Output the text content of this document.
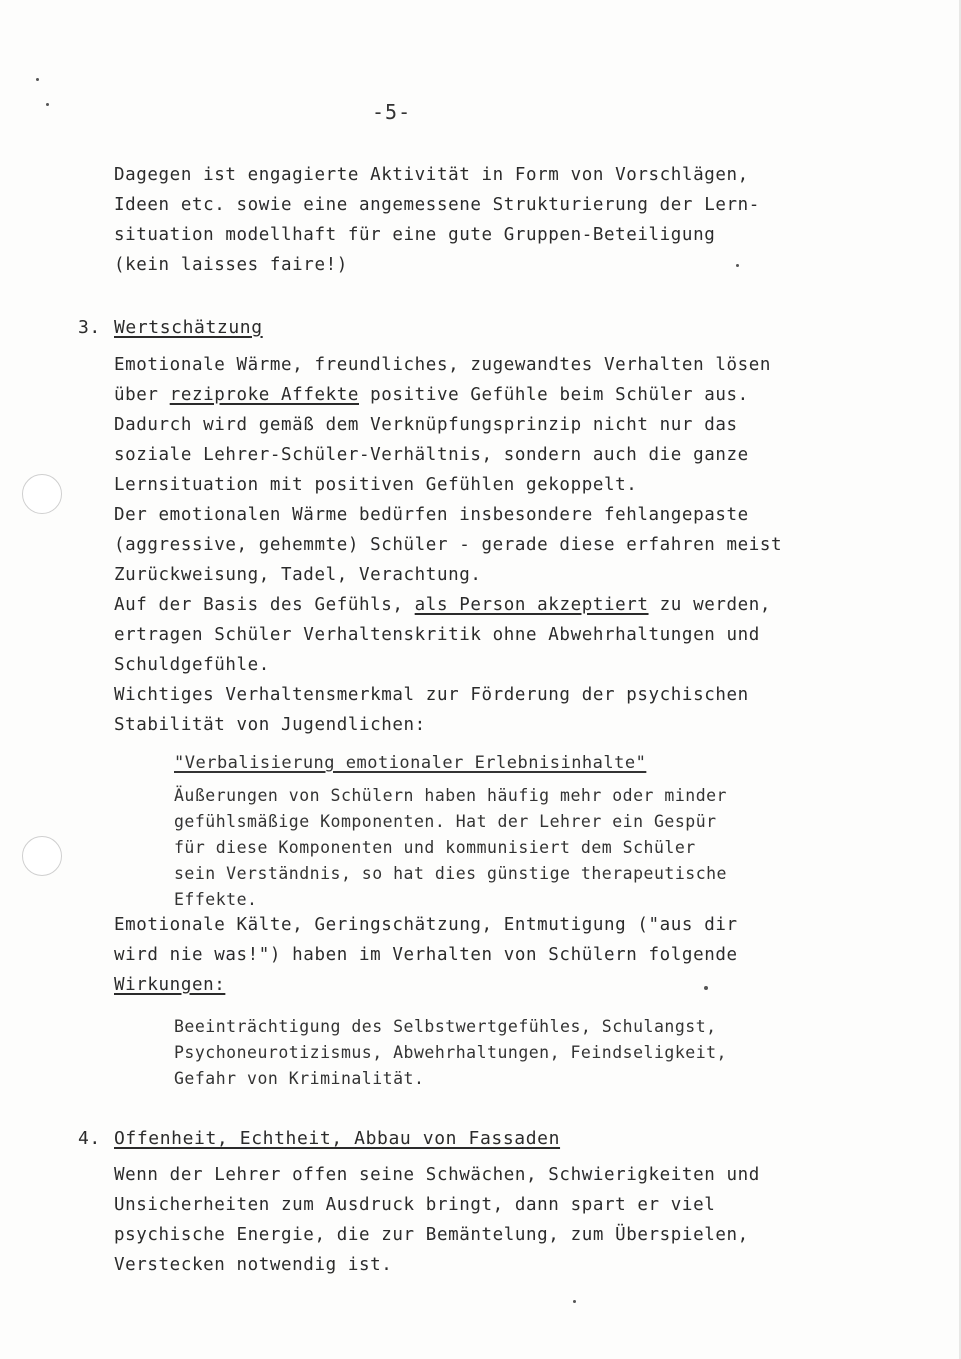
-5-
Dagegen ist engagierte Aktivität in Form von Vorschlägen,
Ideen etc. sowie eine angemessene Strukturierung der Lern-
situation modellhaft für eine gute Gruppen-Beteiligung
(kein laisses faire!)
3. Wertschätzung
Emotionale Wärme, freundliches, zugewandtes Verhalten lösen
über reziproke Affekte positive Gefühle beim Schüler aus.
Dadurch wird gemäß dem Verknüpfungsprinzip nicht nur das
soziale Lehrer-Schüler-Verhältnis, sondern auch die ganze
Lernsituation mit positiven Gefühlen gekoppelt.
Der emotionalen Wärme bedürfen insbesondere fehlangepaste
(aggressive, gehemmte) Schüler - gerade diese erfahren meist
Zurückweisung, Tadel, Verachtung.
Auf der Basis des Gefühls, als Person akzeptiert zu werden,
ertragen Schüler Verhaltenskritik ohne Abwehrhaltungen und
Schuldgefühle.
Wichtiges Verhaltensmerkmal zur Förderung der psychischen
Stabilität von Jugendlichen:
"Verbalisierung emotionaler Erlebnisinhalte"
Äußerungen von Schülern haben häufig mehr oder minder
gefühlsmäßige Komponenten. Hat der Lehrer ein Gespür
für diese Komponenten und kommunisiert dem Schüler
sein Verständnis, so hat dies günstige therapeutische
Effekte.
Emotionale Kälte, Geringschätzung, Entmutigung ("aus dir
wird nie was!") haben im Verhalten von Schülern folgende
Wirkungen:
Beeinträchtigung des Selbstwertgefühles, Schulangst,
Psychoneurotizismus, Abwehrhaltungen, Feindseligkeit,
Gefahr von Kriminalität.
4. Offenheit, Echtheit, Abbau von Fassaden
Wenn der Lehrer offen seine Schwächen, Schwierigkeiten und
Unsicherheiten zum Ausdruck bringt, dann spart er viel
psychische Energie, die zur Bemäntelung, zum Überspielen,
Verstecken notwendig ist.
